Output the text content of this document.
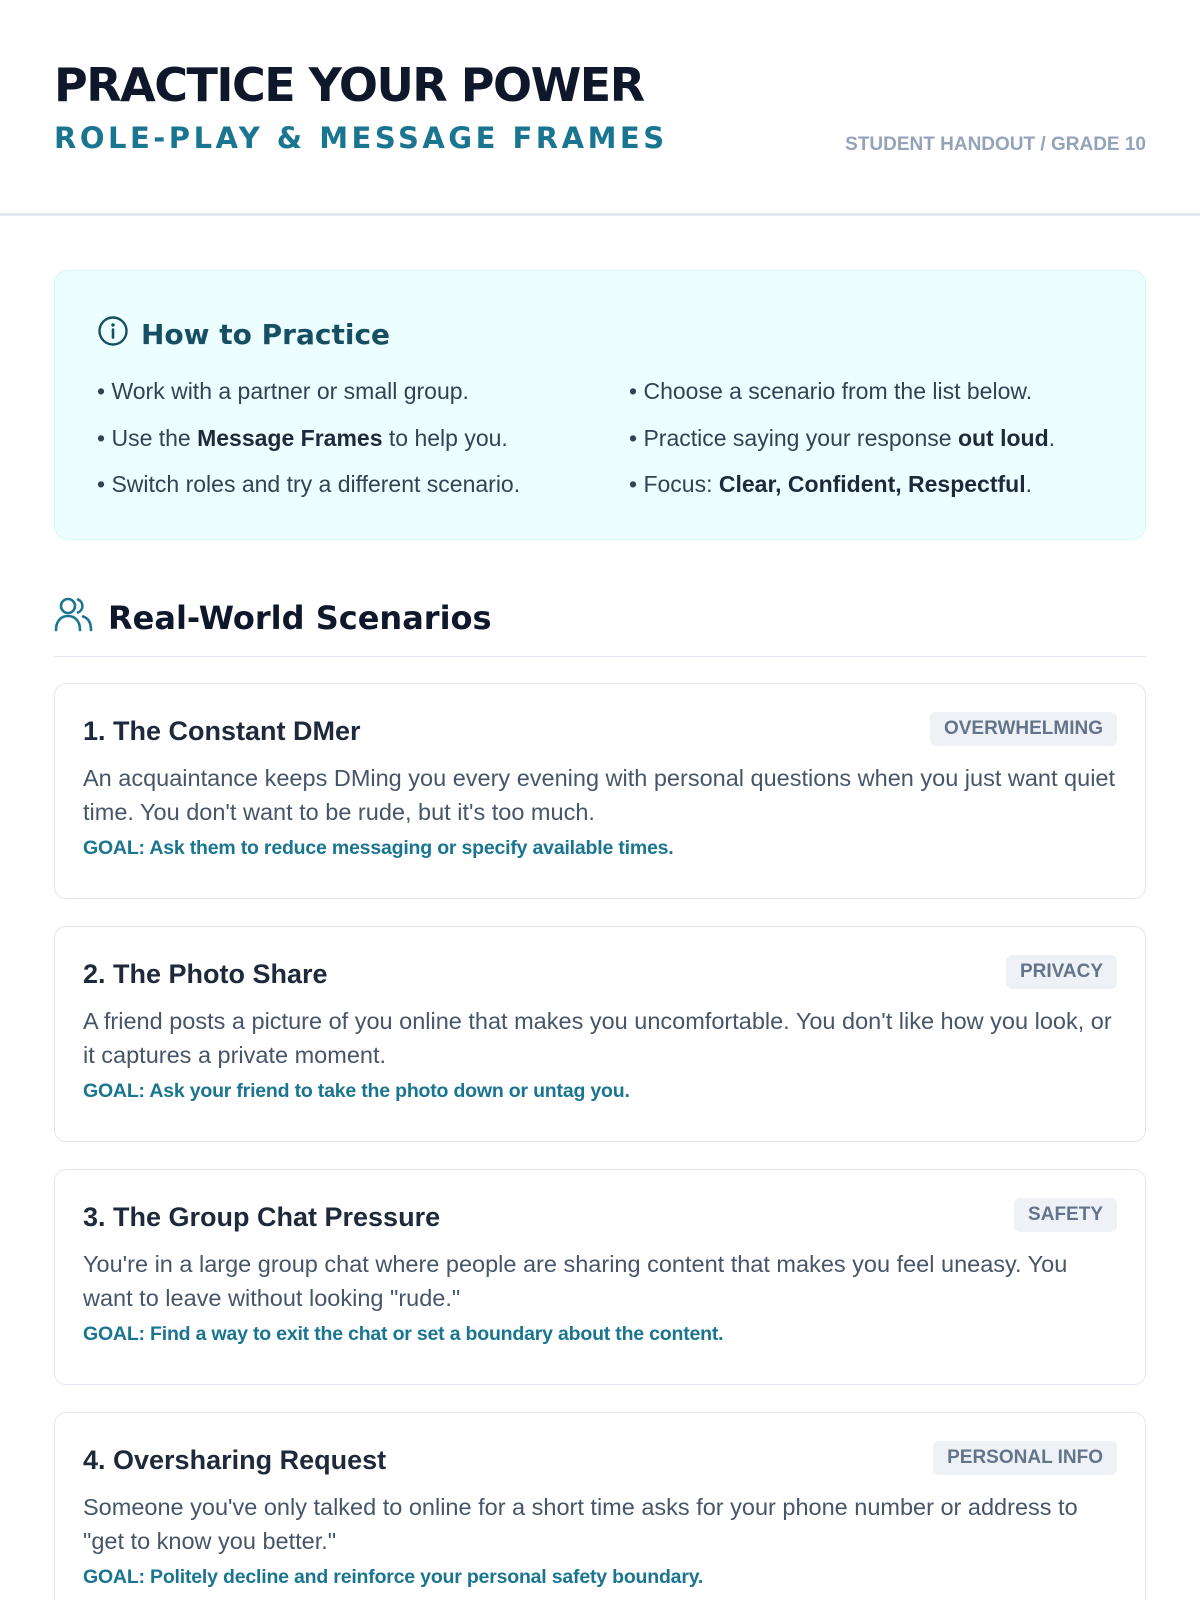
PRACTICE YOUR POWER
ROLE-PLAY & MESSAGE FRAMES	STUDENT HANDOUT / GRADE 10
How to Practice
• Work with a partner or small group.	• Choose a scenario from the list below.
• Use the Message Frames to help you.	• Practice saying your response out loud.
• Switch roles and try a different scenario.	• Focus: Clear, Confident, Respectful.
Real-World Scenarios
1. The Constant DMer	OVERWHELMING

An acquaintance keeps DMing you every evening with personal questions when you just want quiet time. You don't want to be rude, but it's too much.

GOAL: Ask them to reduce messaging or specify available times.
2. The Photo Share	PRIVACY

A friend posts a picture of you online that makes you uncomfortable. You don't like how you look, or it captures a private moment.

GOAL: Ask your friend to take the photo down or untag you.
3. The Group Chat Pressure	SAFETY

You're in a large group chat where people are sharing content that makes you feel uneasy. You want to leave without looking "rude."

GOAL: Find a way to exit the chat or set a boundary about the content.
4. Oversharing Request	PERSONAL INFO

Someone you've only talked to online for a short time asks for your phone number or address to "get to know you better."

GOAL: Politely decline and reinforce your personal safety boundary.
